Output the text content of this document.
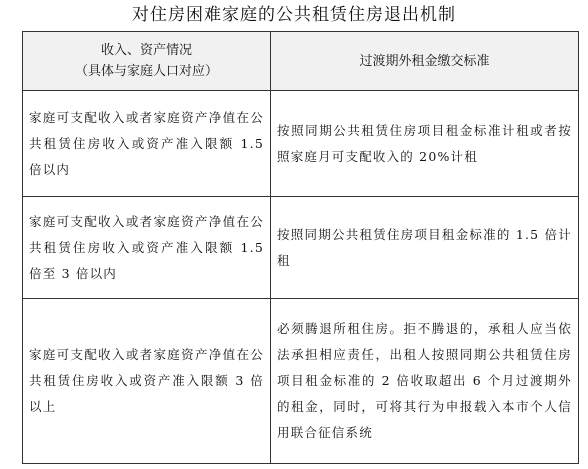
对住房困难家庭的公共租赁住房退出机制
收入、资产情况
（具体与家庭人口对应）	过渡期外租金缴交标准
家庭可支配收入或者家庭资产净值在公共租赁住房收入或资产准入限额 1.5 倍以内	按照同期公共租赁住房项目租金标准计租或者按照家庭月可支配收入的 20%计租
家庭可支配收入或者家庭资产净值在公共租赁住房收入或资产准入限额 1.5 倍至 3 倍以内	按照同期公共租赁住房项目租金标准的 1.5 倍计租
家庭可支配收入或者家庭资产净值在公共租赁住房收入或资产准入限额 3 倍以上	必须腾退所租住房。拒不腾退的，承租人应当依法承担相应责任，出租人按照同期公共租赁住房项目租金标准的 2 倍收取超出 6 个月过渡期外的租金，同时，可将其行为申报载入本市个人信用联合征信系统
